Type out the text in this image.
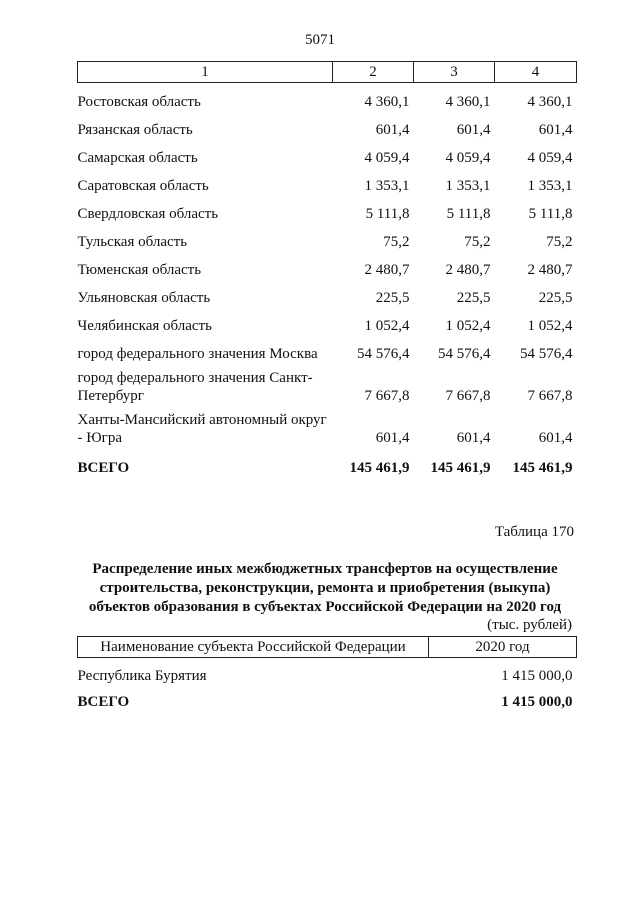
5071
1	2	3	4
Ростовская область	4 360,1	4 360,1	4 360,1
Рязанская область	601,4	601,4	601,4
Самарская область	4 059,4	4 059,4	4 059,4
Саратовская область	1 353,1	1 353,1	1 353,1
Свердловская область	5 111,8	5 111,8	5 111,8
Тульская область	75,2	75,2	75,2
Тюменская область	2 480,7	2 480,7	2 480,7
Ульяновская область	225,5	225,5	225,5
Челябинская область	1 052,4	1 052,4	1 052,4
город федерального значения Москва	54 576,4	54 576,4	54 576,4
город федерального значения Санкт-Петербург	7 667,8	7 667,8	7 667,8
Ханты-Мансийский автономный округ - Югра	601,4	601,4	601,4
ВСЕГО	145 461,9	145 461,9	145 461,9
Таблица 170
Распределение иных межбюджетных трансфертов на осуществление
строительства, реконструкции, ремонта и приобретения (выкупа)
объектов образования в субъектах Российской Федерации на 2020 год
(тыс. рублей)
Наименование субъекта Российской Федерации	2020 год
Республика Бурятия	1 415 000,0
ВСЕГО	1 415 000,0
